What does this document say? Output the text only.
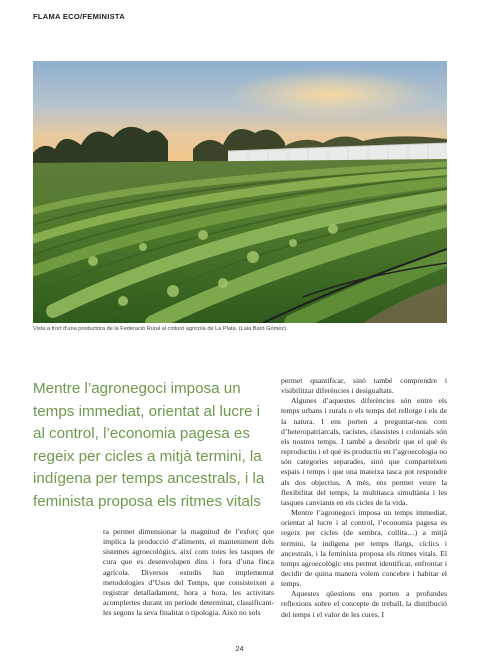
FLAMA ECO/FEMINISTA
Vista a frort d’una productora de la Federació Rural al cinturó agrícola de La Plata. (Laia Baró Gómez).
Mentre l’agronegoci imposa un temps immediat, orientat al lucre i al control, l’economia pagesa es regeix per cicles a mitjà termini, la indígena per temps ancestrals, i la feminista proposa els ritmes vitals

ra permet dimensionar la magnitud de l’esforç que implica la producció d’aliments, el manteniment dels sistemes agroecològics, així com totes les tasques de cura que es desenvolupen dins i fora d’una finca agrícola. Diversos estudis han implementat metodologies d’Usos del Temps, que consisteixen a registrar detalladament, hora a hora, les activitats acomplertes durant un període determinat, classificant-les segons la seva finalitat o tipologia. Això no sols

permet quantificar, sinó també comprendre i visibilitzar diferències i desigualtats.

Algunes d’aquestes diferències són entre els temps urbans i rurals o els temps del rellotge i els de la natura. I ens porten a preguntar-nos com d’heteropatriarcals, racistes, classistes i colonials són els nostres temps. I també a desobrir que el què és reproductiu i el què és productiu en l’agroecologia no són categories separades, sinó que comparteixen espais i temps i que una mateixa tasca pot respondre als dos objectius. A més, ens permet veure la flexibilitat del temps, la multitasca simultània i les tasques canviants en els cicles de la vida.

Mentre l’agronegoci imposa un temps immediat, orientat al lucre i al control, l’economia pagesa es regeix per cicles (de sembra, collita…) a mitjà termini, la indígena per temps llargs, cíclics i ancestrals, i la feminista proposa els ritmes vitals. El temps agroecològic ens permet identificar, enfrontar i decidir de quina manera volem concebre i habitar el temps.

Aquestes qüestions ens porten a profundes reflexions sobre el concepte de treball, la distribució del temps i el valor de les cures. I

24
